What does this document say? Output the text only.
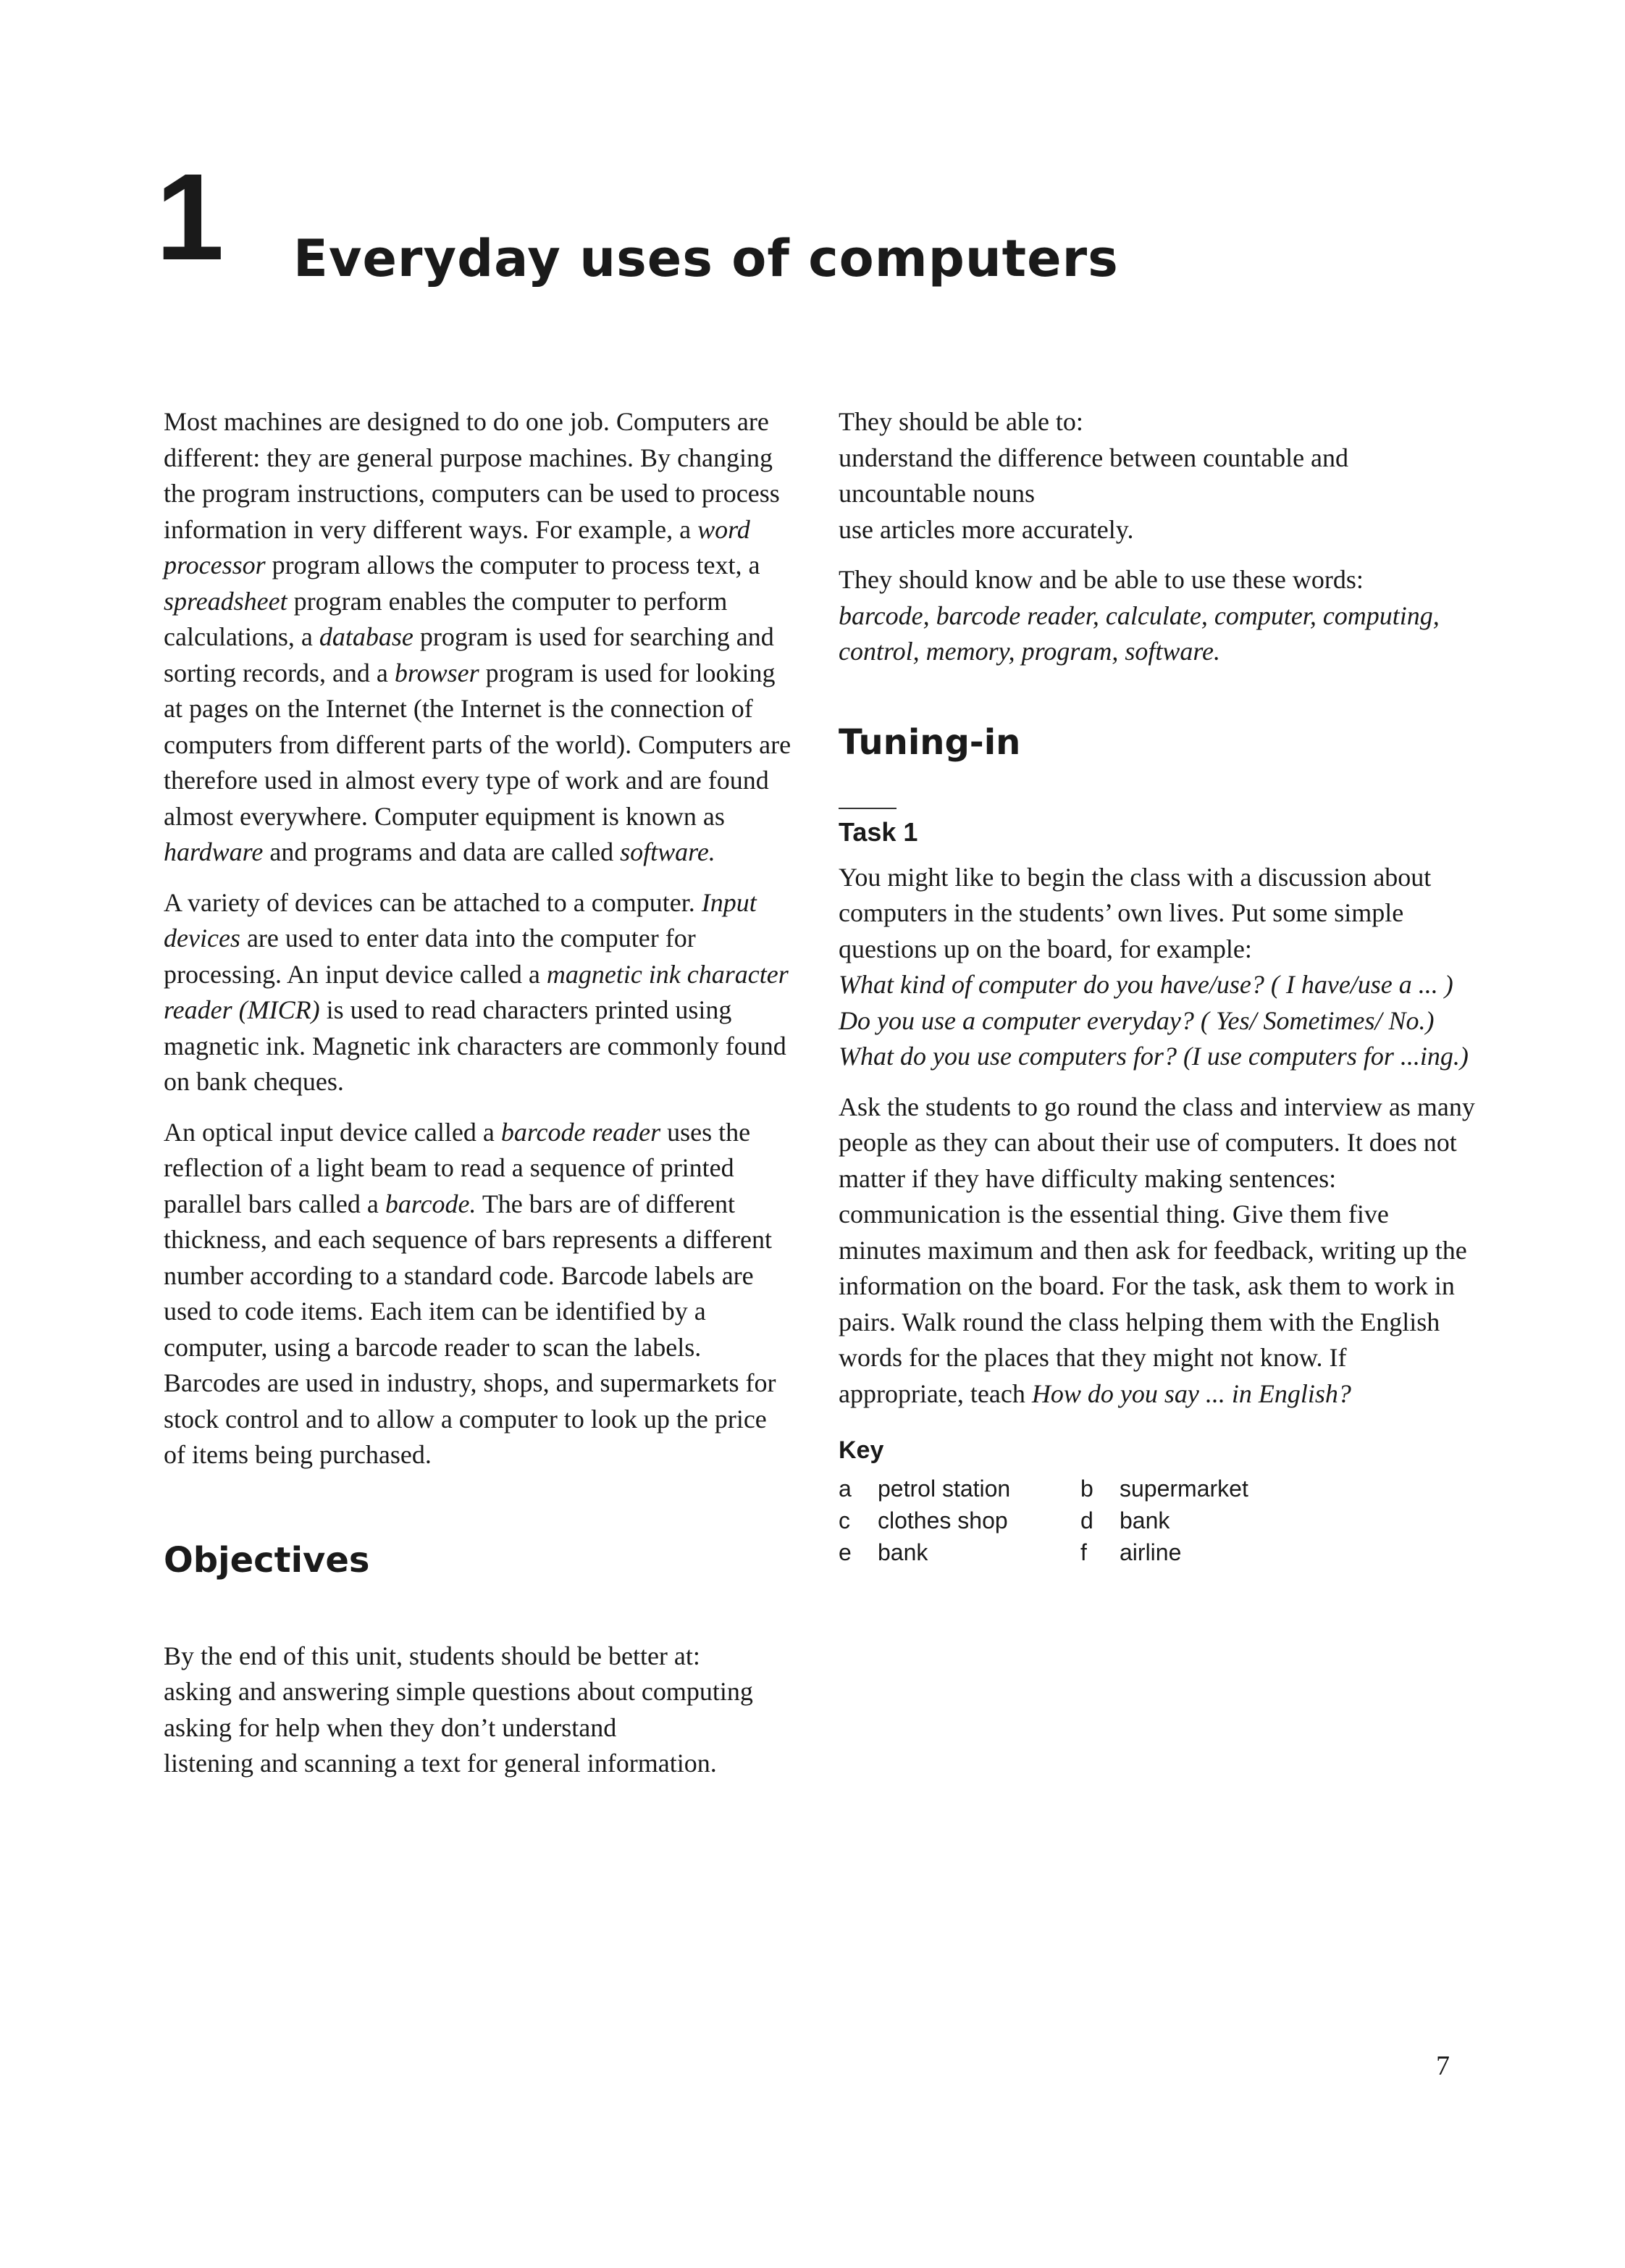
1 Everyday uses of computers

Most machines are designed to do one job. Computers are different: they are general purpose machines. By changing the program instructions, computers can be used to process information in very different ways. For example, a word processor program allows the computer to process text, a spreadsheet program enables the computer to perform calculations, a database program is used for searching and sorting records, and a browser program is used for looking at pages on the Internet (the Internet is the connection of computers from different parts of the world). Computers are therefore used in almost every type of work and are found almost everywhere. Computer equipment is known as hardware and programs and data are called software.

A variety of devices can be attached to a computer. Input devices are used to enter data into the computer for processing. An input device called a magnetic ink character reader (MICR) is used to read characters printed using magnetic ink. Magnetic ink characters are commonly found on bank cheques.

An optical input device called a barcode reader uses the reflection of a light beam to read a sequence of printed parallel bars called a barcode. The bars are of different thickness, and each sequence of bars represents a different number according to a standard code. Barcode labels are used to code items. Each item can be identified by a computer, using a barcode reader to scan the labels. Barcodes are used in industry, shops, and supermarkets for stock control and to allow a computer to look up the price of items being purchased.

Objectives

By the end of this unit, students should be better at:

asking and answering simple questions about computing

asking for help when they don’t understand

listening and scanning a text for general information.

They should be able to:

understand the difference between countable and uncountable nouns

use articles more accurately.

They should know and be able to use these words:

barcode, barcode reader, calculate, computer, computing, control, memory, program, software.

Tuning-in
Task 1

You might like to begin the class with a discussion about computers in the students’ own lives. Put some simple questions up on the board, for example:

What kind of computer do you have/use? ( I have/use a ... )

Do you use a computer everyday? ( Yes/ Sometimes/ No.)

What do you use computers for? (I use computers for ...ing.)

Ask the students to go round the class and interview as many people as they can about their use of computers. It does not matter if they have difficulty making sentences: communication is the essential thing. Give them five minutes maximum and then ask for feedback, writing up the information on the board. For the task, ask them to work in pairs. Walk round the class helping them with the English words for the places that they might not know. If appropriate, teach How do you say ... in English?

Key
a	petrol station	b	supermarket
c	clothes shop	d	bank
e	bank	f	airline
7
